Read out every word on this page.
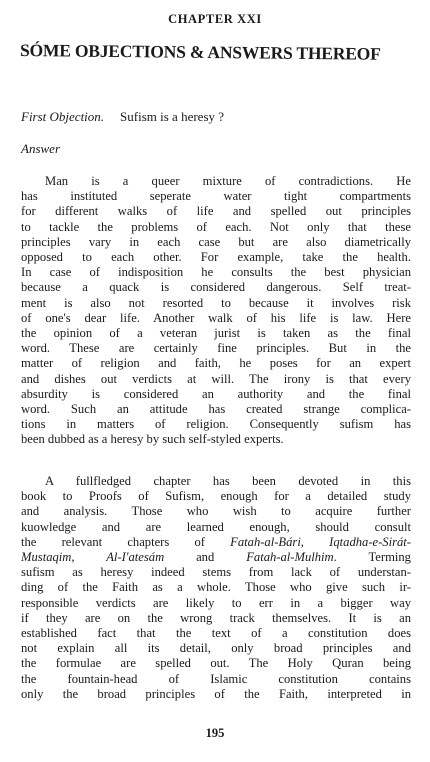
CHAPTER XXI
SÓME OBJECTIONS & ANSWERS THEREOF
First Objection. Sufism is a heresy ?
Answer
Man is a queer mixture of contradictions. He
has instituted seperate water tight compartments
for different walks of life and spelled out principles
to tackle the problems of each. Not only that these
principles vary in each case but are also diametrically
opposed to each other. For example, take the health.
In case of indisposition he consults the best physician
because a quack is considered dangerous. Self treat-
ment is also not resorted to because it involves risk
of one's dear life. Another walk of his life is law. Here
the opinion of a veteran jurist is taken as the final
word. These are certainly fine principles. But in the
matter of religion and faith, he poses for an expert
and dishes out verdicts at will. The irony is that every
absurdity is considered an authority and the final
word. Such an attitude has created strange complica-
tions in matters of religion. Consequently sufism has
been dubbed as a heresy by such self-styled experts.
A fullfledged chapter has been devoted in this
book to Proofs of Sufism, enough for a detailed study
and analysis. Those who wish to acquire further
kuowledge and are learned enough, should consult
the relevant chapters of Fatah-al-Bári, Iqtadha-e-Sirát-
Mustaqim, Al-I'atesám and Fatah-al-Mulhim. Terming
sufism as heresy indeed stems from lack of understan-
ding of the Faith as a whole. Those who give such ir-
responsible verdicts are likely to err in a bigger way
if they are on the wrong track themselves. It is an
established fact that the text of a constitution does
not explain all its detail, only broad principles and
the formulae are spelled out. The Holy Quran being
the fountain-head of Islamic constitution contains
only the broad principles of the Faith, interpreted in
195
